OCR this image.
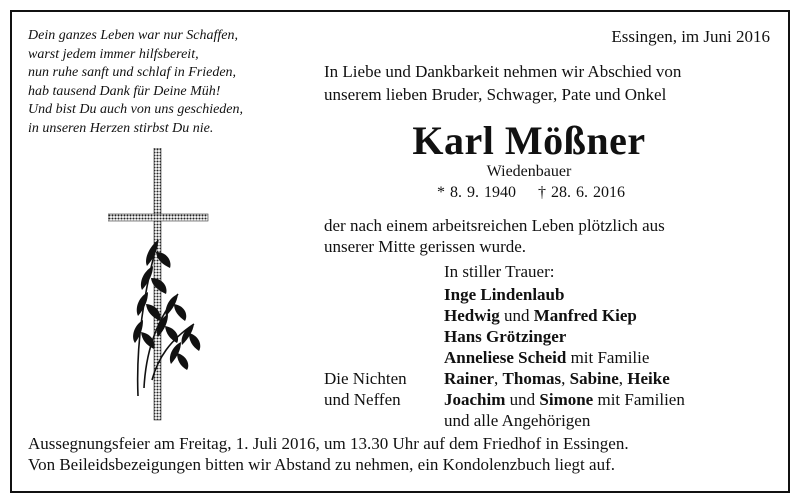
Dein ganzes Leben war nur Schaffen,
warst jedem immer hilfsbereit,
nun ruhe sanft und schlaf in Frieden,
hab tausend Dank für Deine Müh!
Und bist Du auch von uns geschieden,
in unseren Herzen stirbst Du nie.
Essingen, im Juni 2016
In Liebe und Dankbarkeit nehmen wir Abschied von
unserem lieben Bruder, Schwager, Pate und Onkel
Karl Mößner
Wiedenbauer
* 8. 9. 1940 † 28. 6. 2016
der nach einem arbeitsreichen Leben plötzlich aus
unserer Mitte gerissen wurde.
In stiller Trauer:
Inge Lindenlaub
Hedwig und Manfred Kiep
Hans Grötzinger
Anneliese Scheid mit Familie
Rainer, Thomas, Sabine, Heike
Joachim und Simone mit Familien
und alle Angehörigen
Die Nichten
und Neffen
Aussegnungsfeier am Freitag, 1. Juli 2016, um 13.30 Uhr auf dem Friedhof in Essingen.
Von Beileidsbezeigungen bitten wir Abstand zu nehmen, ein Kondolenzbuch liegt auf.
